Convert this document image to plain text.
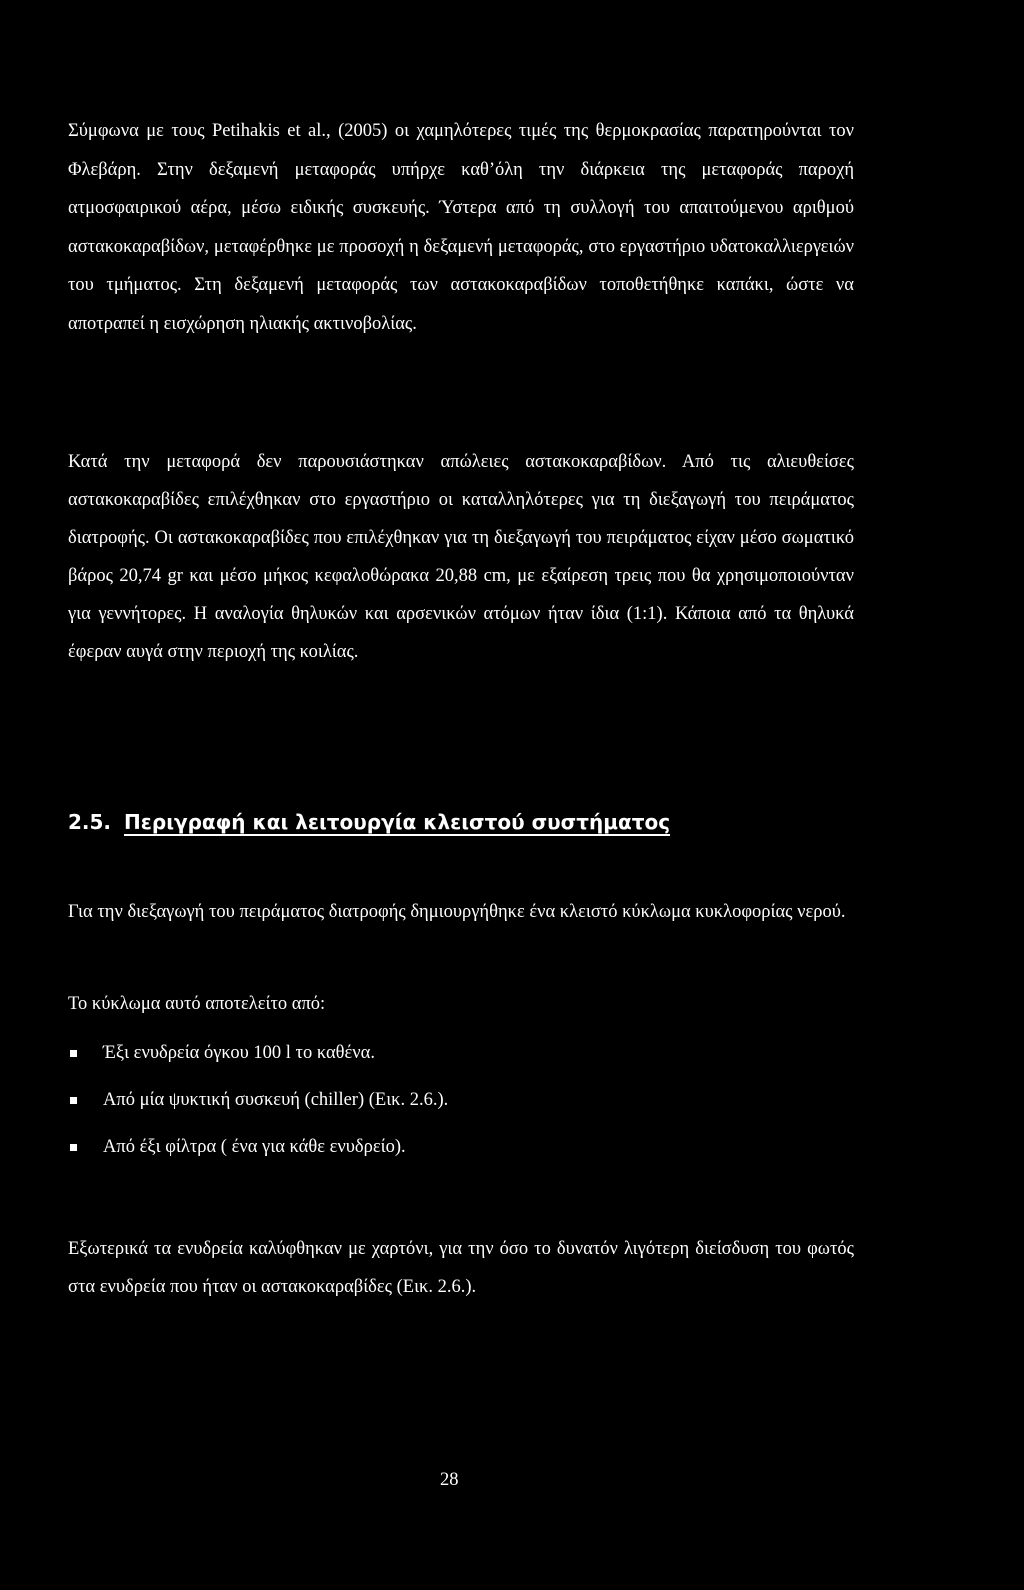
Σύμφωνα με τους Petihakis et al., (2005) οι χαμηλότερες τιμές της θερμοκρασίας παρατηρούνται τον Φλεβάρη. Στην δεξαμενή μεταφοράς υπήρχε καθ’όλη την διάρκεια της μεταφοράς παροχή ατμοσφαιρικού αέρα, μέσω ειδικής συσκευής. Ύστερα από τη συλλογή του απαιτούμενου αριθμού αστακοκαραβίδων, μεταφέρθηκε με προσοχή η δεξαμενή μεταφοράς, στο εργαστήριο υδατοκαλλιεργειών του τμήματος. Στη δεξαμενή μεταφοράς των αστακοκαραβίδων τοποθετήθηκε καπάκι, ώστε να αποτραπεί η εισχώρηση ηλιακής ακτινοβολίας.

Κατά την μεταφορά δεν παρουσιάστηκαν απώλειες αστακοκαραβίδων. Από τις αλιευθείσες αστακοκαραβίδες επιλέχθηκαν στο εργαστήριο οι καταλληλότερες για τη διεξαγωγή του πειράματος διατροφής. Οι αστακοκαραβίδες που επιλέχθηκαν για τη διεξαγωγή του πειράματος είχαν μέσο σωματικό βάρος 20,74 gr και μέσο μήκος κεφαλοθώρακα 20,88 cm, με εξαίρεση τρεις που θα χρησιμοποιούνταν για γεννήτορες. Η αναλογία θηλυκών και αρσενικών ατόμων ήταν ίδια (1:1). Κάποια από τα θηλυκά έφεραν αυγά στην περιοχή της κοιλίας.

2.5. Περιγραφή και λειτουργία κλειστού συστήματος

Για την διεξαγωγή του πειράματος διατροφής δημιουργήθηκε ένα κλειστό κύκλωμα κυκλοφορίας νερού.

Το κύκλωμα αυτό αποτελείτο από:

Έξι ενυδρεία όγκου 100 l το καθένα.
Από μία ψυκτική συσκευή (chiller) (Εικ. 2.6.).
Από έξι φίλτρα ( ένα για κάθε ενυδρείο).

Εξωτερικά τα ενυδρεία καλύφθηκαν με χαρτόνι, για την όσο το δυνατόν λιγότερη διείσδυση του φωτός στα ενυδρεία που ήταν οι αστακοκαραβίδες (Εικ. 2.6.).

28
